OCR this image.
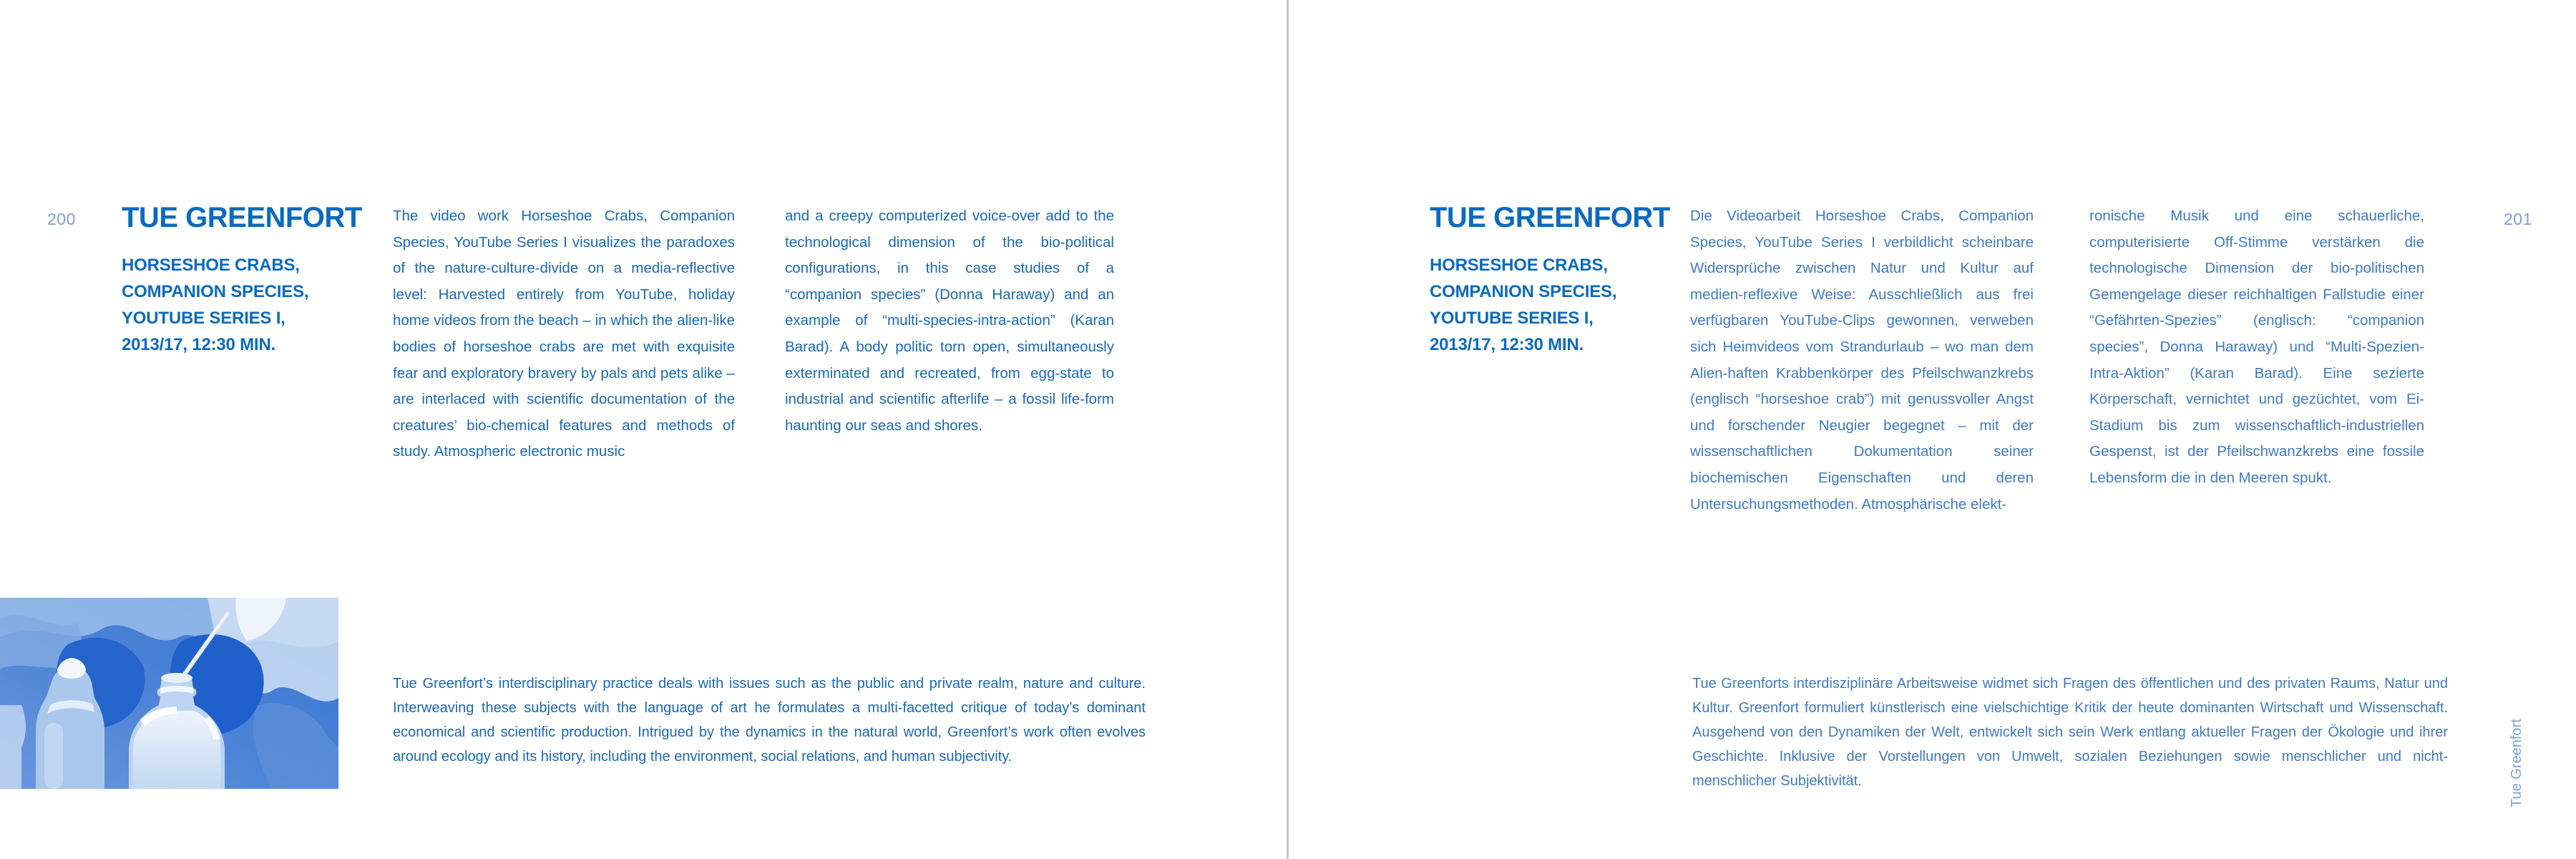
200 TUE GREENFORT
HORSESHOE CRABS,
COMPANION SPECIES,
YOUTUBE SERIES I,
2013/17, 12:30 MIN.
The video work Horseshoe Crabs, Companion Species, YouTube Series I visualizes the paradoxes of the nature-culture-divide on a media-reflective level: Harvested entirely from YouTube, holiday home videos from the beach – in which the alien-like bodies of horseshoe crabs are met with exquisite fear and exploratory bravery by pals and pets alike – are interlaced with scientific documentation of the creatures’ bio-chemical features and methods of study. Atmospheric electronic music
and a creepy computerized voice-over add to the technological dimension of the bio-political configurations, in this case studies of a “companion species” (Donna Haraway) and an example of “multi-species-intra-action” (Karan Barad). A body politic torn open, simultaneously exterminated and recreated, from egg-state to industrial and scientific afterlife – a fossil life-form haunting our seas and shores.
Tue Greenfort’s interdisciplinary practice deals with issues such as the public and private realm, nature and culture. Interweaving these subjects with the language of art he formulates a multi-facetted critique of today’s dominant economical and scientific production. Intrigued by the dynamics in the natural world, Greenfort’s work often evolves around ecology and its history, including the environment, social relations, and human subjectivity.
TUE GREENFORT
HORSESHOE CRABS,
COMPANION SPECIES,
YOUTUBE SERIES I,
2013/17, 12:30 MIN.
Die Videoarbeit Horseshoe Crabs, Companion Species, YouTube Series I verbildlicht scheinbare Widersprüche zwischen Natur und Kultur auf medien-reflexive Weise: Ausschließlich aus frei verfügbaren YouTube-Clips gewonnen, verweben sich Heimvideos vom Strandurlaub – wo man dem Alien-haften Krabbenkörper des Pfeilschwanzkrebs (englisch “horseshoe crab”) mit genussvoller Angst und forschender Neugier begegnet – mit der wissenschaftlichen Dokumentation seiner biochemischen Eigenschaften und deren Untersuchungsmethoden. Atmosphärische elekt-
ronische Musik und eine schauerliche, computerisierte Off-Stimme verstärken die technologische Dimension der bio-politischen Gemengelage dieser reichhaltigen Fallstudie einer “Gefährten-Spezies” (englisch: “companion species”, Donna Haraway) und “Multi-Spezien-Intra-Aktion” (Karan Barad). Eine sezierte Körperschaft, vernichtet und gezüchtet, vom Ei-Stadium bis zum wissenschaftlich-industriellen Gespenst, ist der Pfeilschwanzkrebs eine fossile Lebensform die in den Meeren spukt.
Tue Greenforts interdisziplinäre Arbeitsweise widmet sich Fragen des öffentlichen und des privaten Raums, Natur und Kultur. Greenfort formuliert künstlerisch eine vielschichtige Kritik der heute dominanten Wirtschaft und Wissenschaft. Ausgehend von den Dynamiken der Welt, entwickelt sich sein Werk entlang aktueller Fragen der Ökologie und ihrer Geschichte. Inklusive der Vorstellungen von Umwelt, sozialen Beziehungen sowie menschlicher und nicht-menschlicher Subjektivität.
201
Tue Greenfort
